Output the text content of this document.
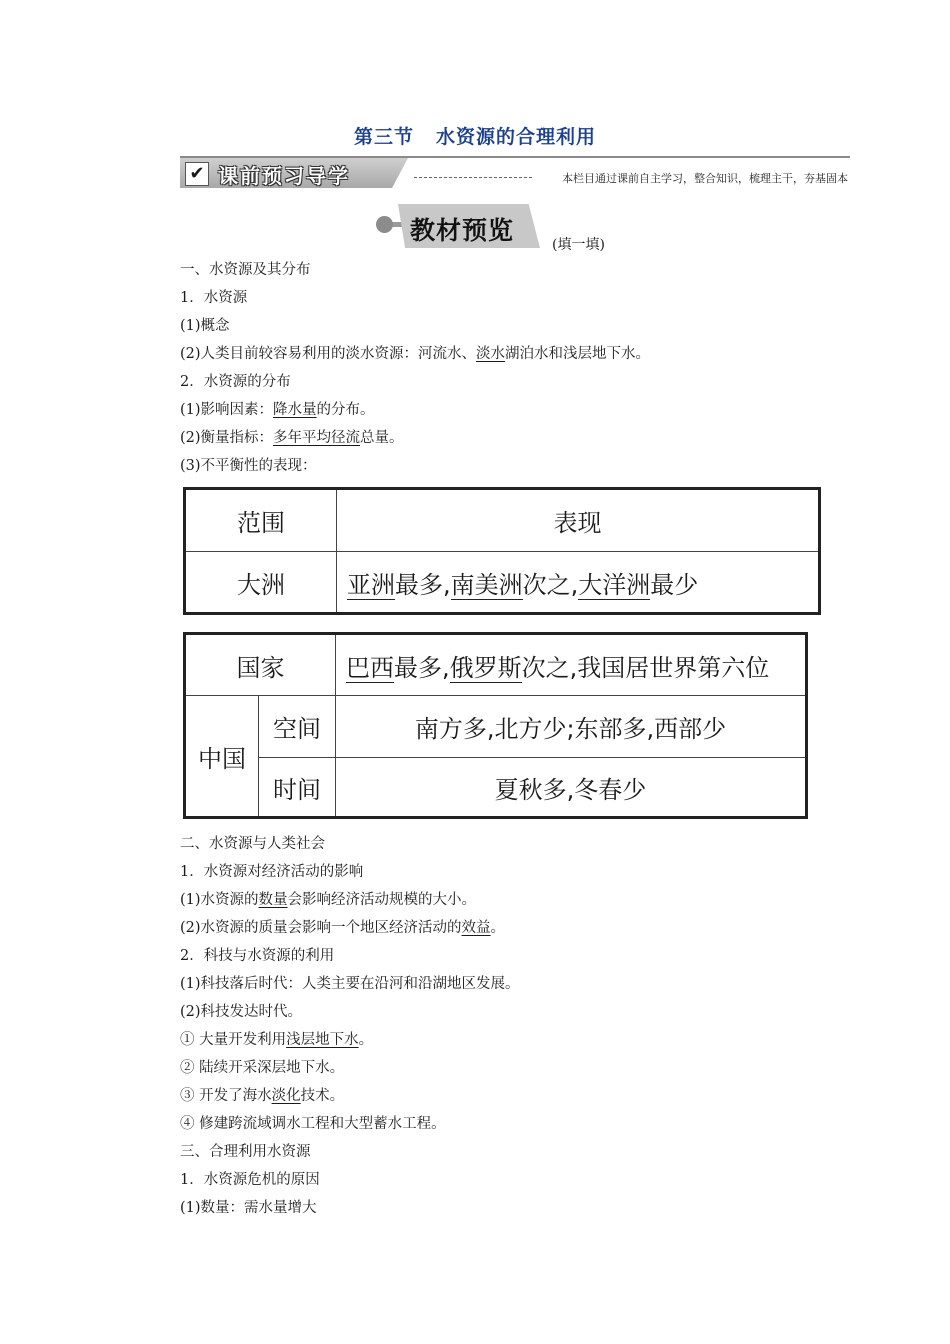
第三节 水资源的合理利用
✔ 课前预习导学	本栏目通过课前自主学习，整合知识，梳理主干，夯基固本
教材预览	(填一填)
一、水资源及其分布
1．水资源
(1)概念
(2)人类目前较容易利用的淡水资源：河流水、淡水湖泊水和浅层地下水。
2．水资源的分布
(1)影响因素：降水量的分布。
(2)衡量指标：多年平均径流总量。
(3)不平衡性的表现：
范围	表现
大洲	亚洲最多,南美洲次之,大洋洲最少
国家		巴西最多,俄罗斯次之,我国居世界第六位
中国	空间	南方多,北方少;东部多,西部少
	时间	夏秋多,冬春少
二、水资源与人类社会
1．水资源对经济活动的影响
(1)水资源的数量会影响经济活动规模的大小。
(2)水资源的质量会影响一个地区经济活动的效益。
2．科技与水资源的利用
(1)科技落后时代：人类主要在沿河和沿湖地区发展。
(2)科技发达时代。
① 大量开发利用浅层地下水。
② 陆续开采深层地下水。
③ 开发了海水淡化技术。
④ 修建跨流域调水工程和大型蓄水工程。
三、合理利用水资源
1．水资源危机的原因
(1)数量：需水量增大
